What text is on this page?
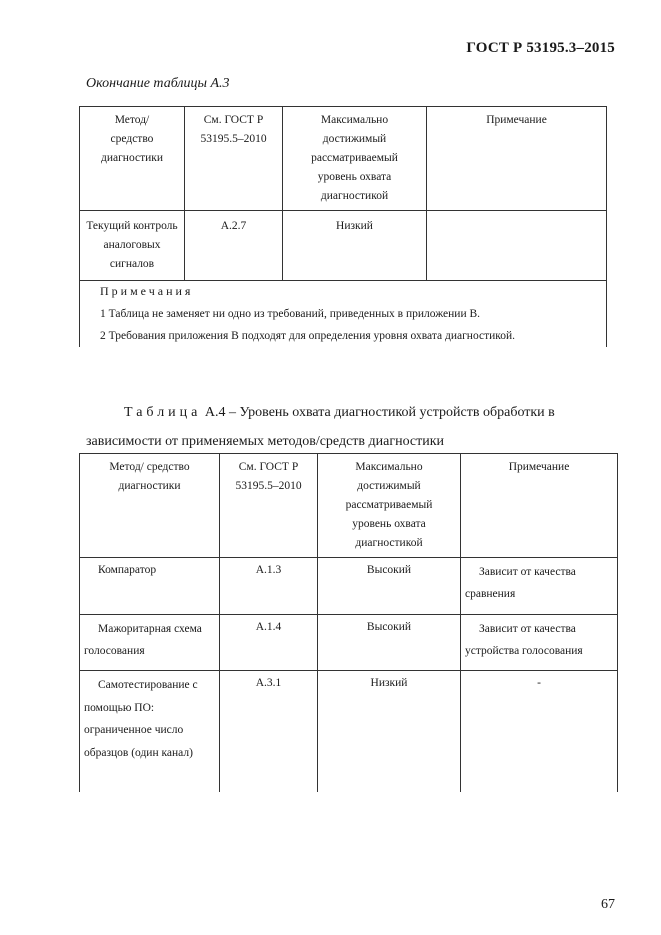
ГОСТ Р 53195.3–2015
Окончание таблицы А.3
Метод/ средство диагностики	См. ГОСТ Р 53195.5–2010	Максимально достижимый рассматриваемый уровень охвата диагностикой	Примечание
Текущий контроль аналоговых сигналов	А.2.7	Низкий	

Примечания
1 Таблица не заменяет ни одно из требований, приведенных в приложении В.
2 Требования приложения В подходят для определения уровня охвата диагностикой.			
Таблица А.4 – Уровень охвата диагностикой устройств обработки в зависимости от применяемых методов/средств диагностики
Метод/ средство диагностики	См. ГОСТ Р 53195.5–2010	Максимально достижимый рассматриваемый уровень охвата диагностикой	Примечание
Компаратор	А.1.3	Высокий	Зависит от качества сравнения
Мажоритарная схема голосования	А.1.4	Высокий	Зависит от качества устройства голосования
Самотестирование с помощью ПО: ограниченное число образцов (один канал)	А.3.1	Низкий	-
67
